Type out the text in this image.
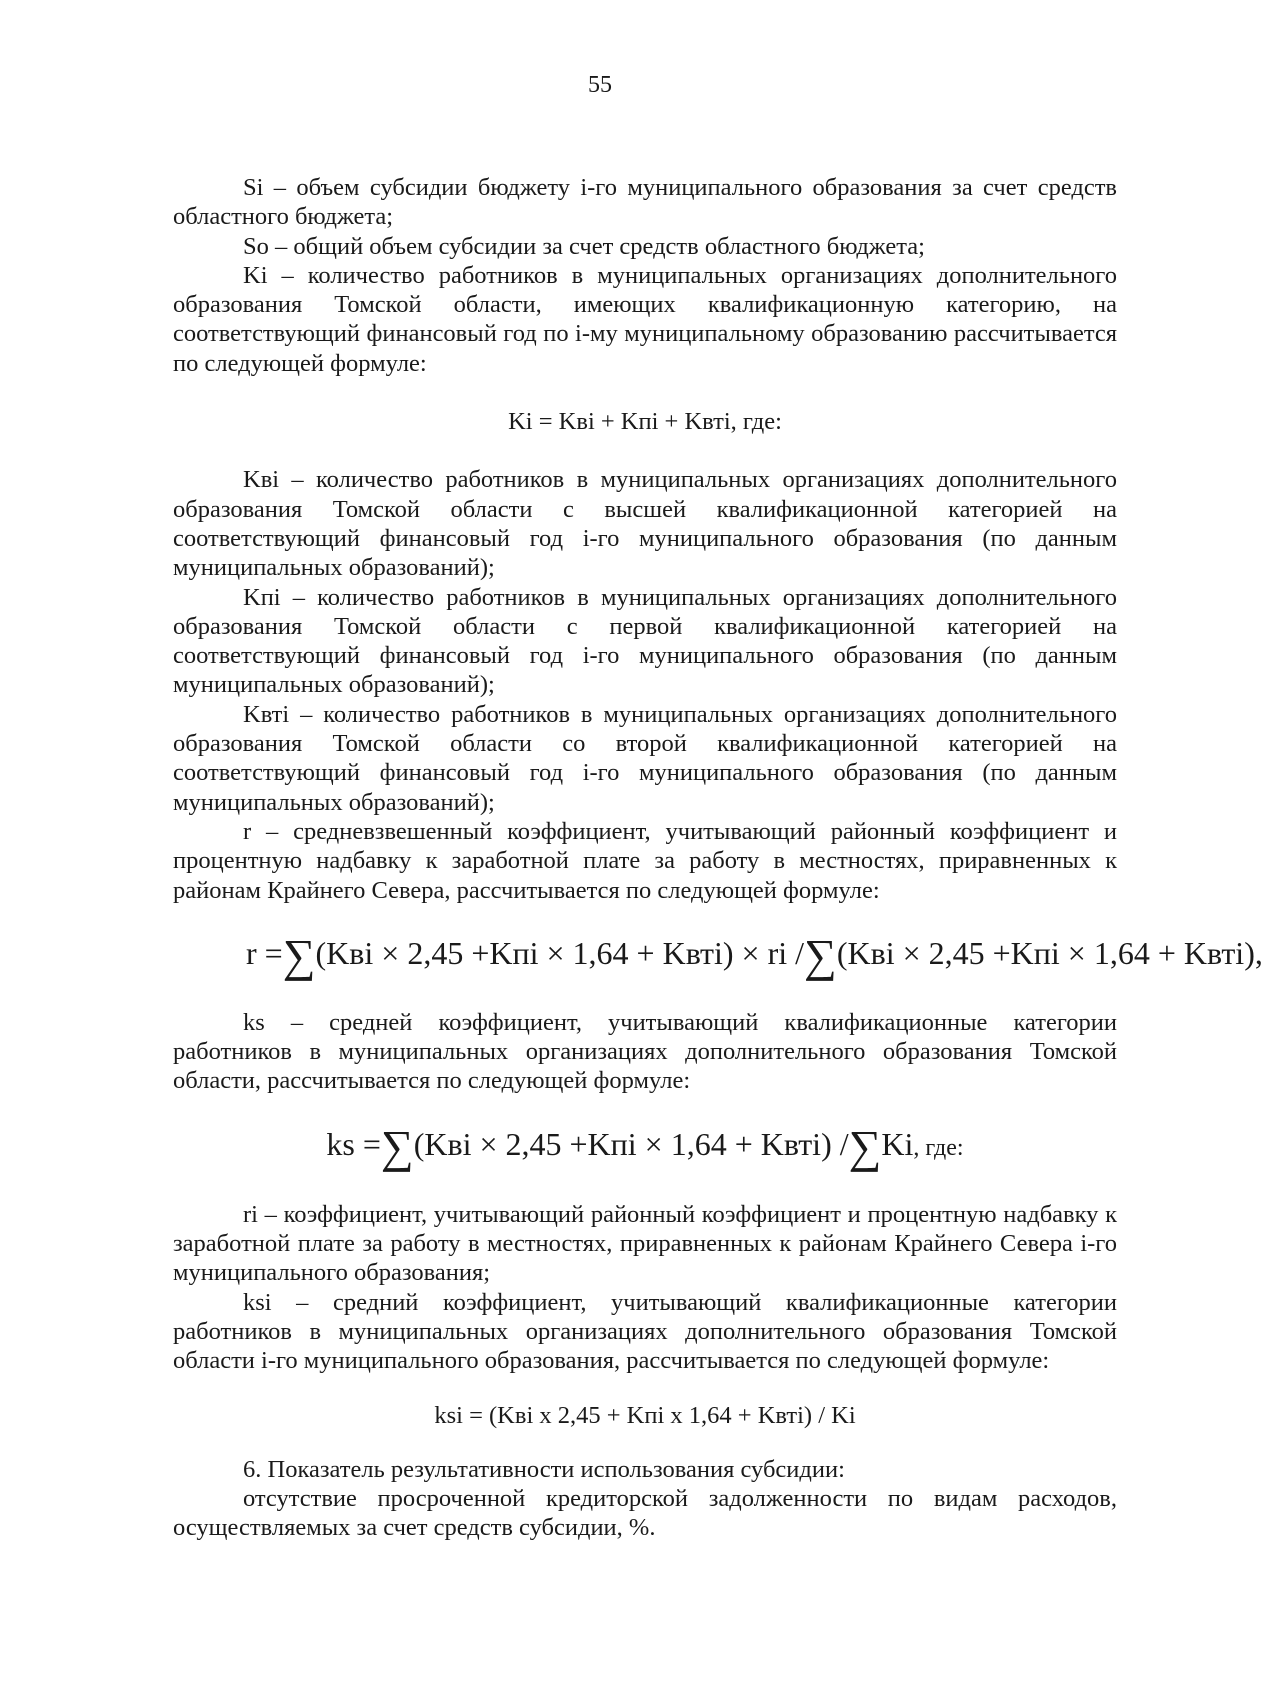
55

Si – объем субсидии бюджету i-го муниципального образования за счет средств областного бюджета;

So – общий объем субсидии за счет средств областного бюджета;

Ki – количество работников в муниципальных организациях дополнительного образования Томской области, имеющих квалификационную категорию, на соответствующий финансовый год по i-му муниципальному образованию рассчитывается по следующей формуле:

Ki = Kвi + Kпi + Kвтi, где:

Kвi – количество работников в муниципальных организациях дополнительного образования Томской области с высшей квалификационной категорией на соответствующий финансовый год i-го муниципального образования (по данным муниципальных образований);

Kпi – количество работников в муниципальных организациях дополнительного образования Томской области с первой квалификационной категорией на соответствующий финансовый год i-го муниципального образования (по данным муниципальных образований);

Kвтi – количество работников в муниципальных организациях дополнительного образования Томской области со второй квалификационной категорией на соответствующий финансовый год i-го муниципального образования (по данным муниципальных образований);

r – средневзвешенный коэффициент, учитывающий районный коэффициент и процентную надбавку к заработной плате за работу в местностях, приравненных к районам Крайнего Севера, рассчитывается по следующей формуле:

r =∑(Kвi × 2,45 +Kпi × 1,64 + Kвтi) × ri /∑(Kвi × 2,45 +Kпi × 1,64 + Kвтi),

ks – средней коэффициент, учитывающий квалификационные категории работников в муниципальных организациях дополнительного образования Томской области, рассчитывается по следующей формуле:

ks =∑(Kвi × 2,45 +Kпi × 1,64 + Kвтi) /∑Ki, где:

ri – коэффициент, учитывающий районный коэффициент и процентную надбавку к заработной плате за работу в местностях, приравненных к районам Крайнего Севера i-го муниципального образования;

ksi – средний коэффициент, учитывающий квалификационные категории работников в муниципальных организациях дополнительного образования Томской области i-го муниципального образования, рассчитывается по следующей формуле:

ksi = (Kвi x 2,45 + Kпi x 1,64 + Kвтi) / Ki

6. Показатель результативности использования субсидии:

отсутствие просроченной кредиторской задолженности по видам расходов, осуществляемых за счет средств субсидии, %.
